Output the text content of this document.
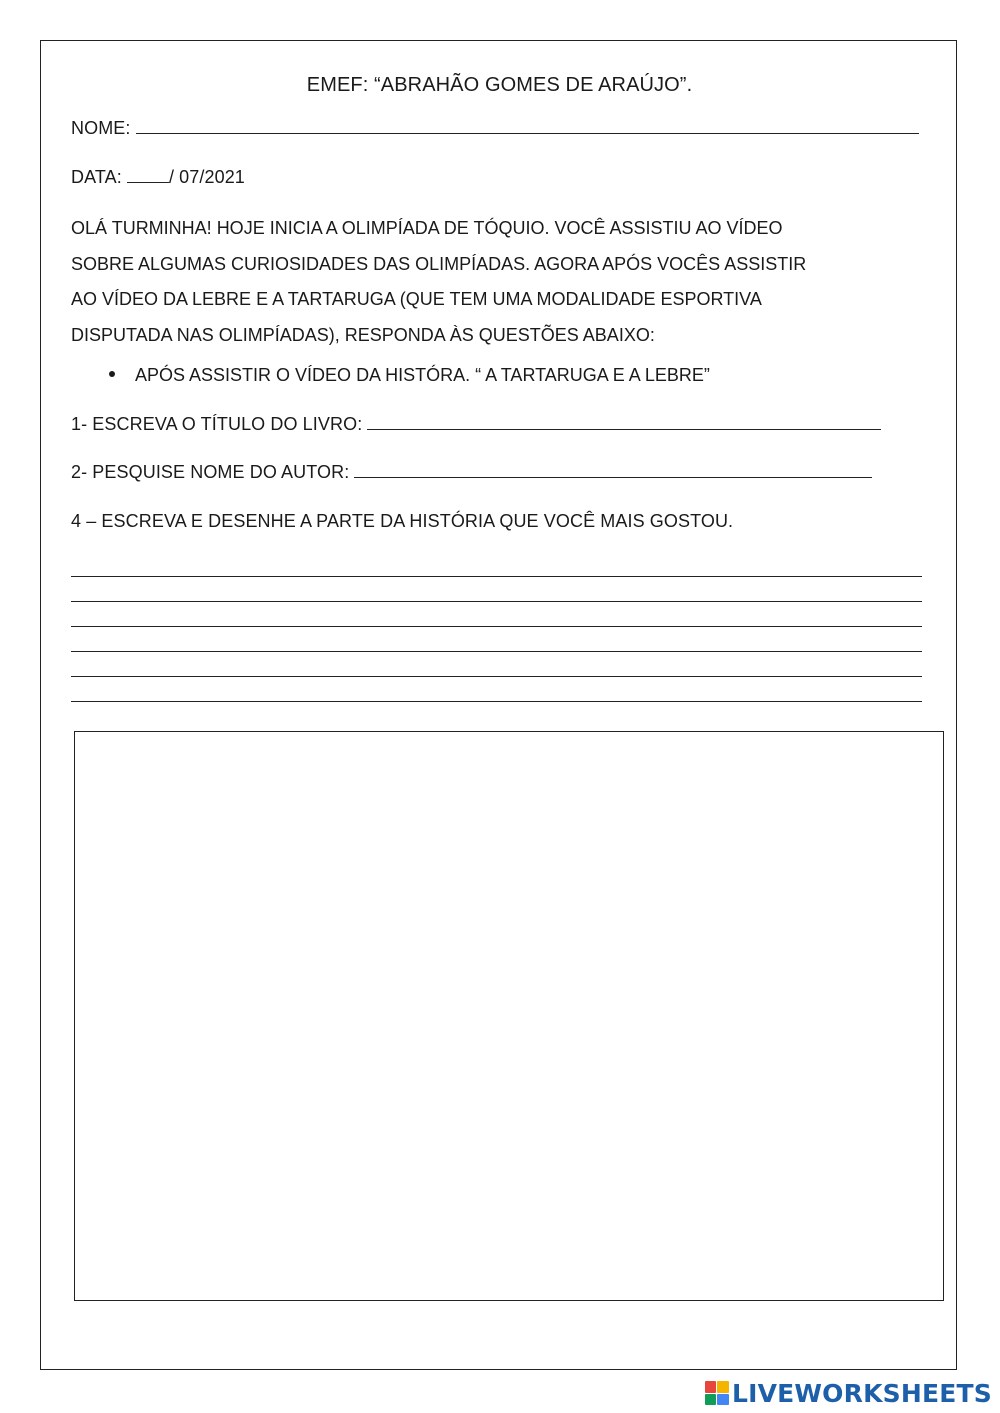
EMEF: “ABRAHÃO GOMES DE ARAÚJO”.
NOME:
DATA:	/ 07/2021
OLÁ TURMINHA! HOJE INICIA A OLIMPÍADA DE TÓQUIO. VOCÊ ASSISTIU AO VÍDEO
SOBRE ALGUMAS CURIOSIDADES DAS OLIMPÍADAS. AGORA APÓS VOCÊS ASSISTIR
AO VÍDEO DA LEBRE E A TARTARUGA (QUE TEM UMA MODALIDADE ESPORTIVA
DISPUTADA NAS OLIMPÍADAS), RESPONDA ÀS QUESTÕES ABAIXO:
APÓS ASSISTIR O VÍDEO DA HISTÓRA. “ A TARTARUGA E A LEBRE”
1- ESCREVA O TÍTULO DO LIVRO:
2- PESQUISE NOME DO AUTOR:
4 – ESCREVA E DESENHE A PARTE DA HISTÓRIA QUE VOCÊ MAIS GOSTOU.
LIVEWORKSHEETS
